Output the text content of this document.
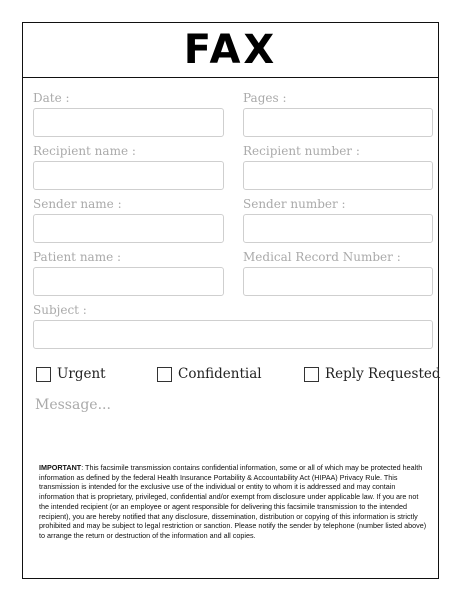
FAX
Date :	Pages :
Recipient name :	Recipient number :
Sender name :	Sender number :
Patient name :	Medical Record Number :
Subject :
Urgent	Confidential	Reply Requested
Message...
IMPORTANT: This facsimile transmission contains confidential information, some or all of which may be protected health information as defined by the federal Health Insurance Portability & Accountability Act (HIPAA) Privacy Rule. This transmission is intended for the exclusive use of the individual or entity to whom it is addressed and may contain information that is proprietary, privileged, confidential and/or exempt from disclosure under applicable law. If you are not the intended recipient (or an employee or agent responsible for delivering this facsimile transmission to the intended recipient), you are hereby notified that any disclosure, dissemination, distribution or copying of this information is strictly prohibited and may be subject to legal restriction or sanction. Please notify the sender by telephone (number listed above) to arrange the return or destruction of the information and all copies.
